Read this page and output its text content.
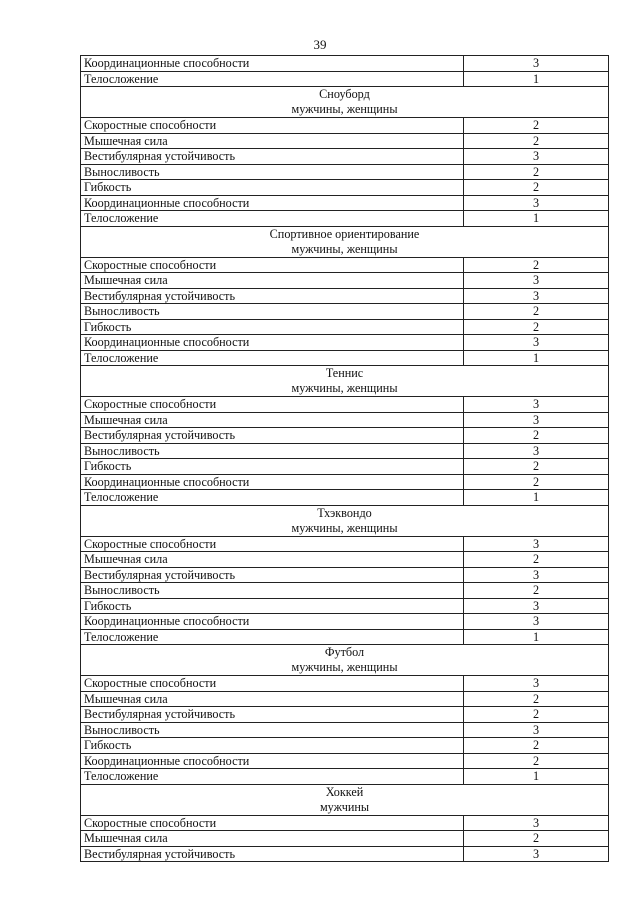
39
Координационные способности	3
Телосложение	1

Сноуборд
мужчины, женщины	

Скоростные способности	2
Мышечная сила	2
Вестибулярная устойчивость	3
Выносливость	2
Гибкость	2
Координационные способности	3
Телосложение	1

Спортивное ориентирование
мужчины, женщины	

Скоростные способности	2
Мышечная сила	3
Вестибулярная устойчивость	3
Выносливость	2
Гибкость	2
Координационные способности	3
Телосложение	1

Теннис
мужчины, женщины	

Скоростные способности	3
Мышечная сила	3
Вестибулярная устойчивость	2
Выносливость	3
Гибкость	2
Координационные способности	2
Телосложение	1

Тхэквондо
мужчины, женщины	

Скоростные способности	3
Мышечная сила	2
Вестибулярная устойчивость	3
Выносливость	2
Гибкость	3
Координационные способности	3
Телосложение	1

Футбол
мужчины, женщины	

Скоростные способности	3
Мышечная сила	2
Вестибулярная устойчивость	2
Выносливость	3
Гибкость	2
Координационные способности	2
Телосложение	1

Хоккей
мужчины	

Скоростные способности	3
Мышечная сила	2
Вестибулярная устойчивость	3
